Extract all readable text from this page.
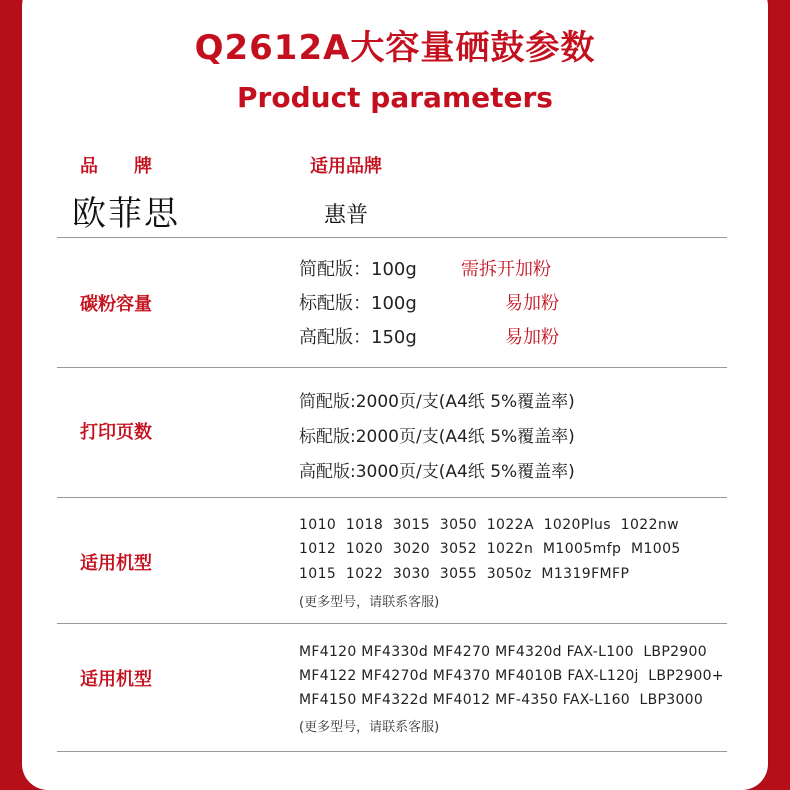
Q2612A大容量硒鼓参数
Product parameters
品　　牌	适用品牌
欧菲思	惠普
碳粉容量
简配版：100g 需拆开加粉
标配版：100g	易加粉
高配版：150g	易加粉
打印页数
简配版:2000页/支(A4纸 5%覆盖率)
标配版:2000页/支(A4纸 5%覆盖率)
高配版:3000页/支(A4纸 5%覆盖率)
适用机型
1010  1018  3015  3050  1022A  1020Plus  1022nw
1012  1020  3020  3052  1022n  M1005mfp  M1005
1015  1022  3030  3055  3050z  M1319FMFP
(更多型号，请联系客服)
适用机型
MF4120 MF4330d MF4270 MF4320d FAX-L100  LBP2900
MF4122 MF4270d MF4370 MF4010B FAX-L120j  LBP2900+
MF4150 MF4322d MF4012 MF-4350 FAX-L160  LBP3000
(更多型号，请联系客服)
